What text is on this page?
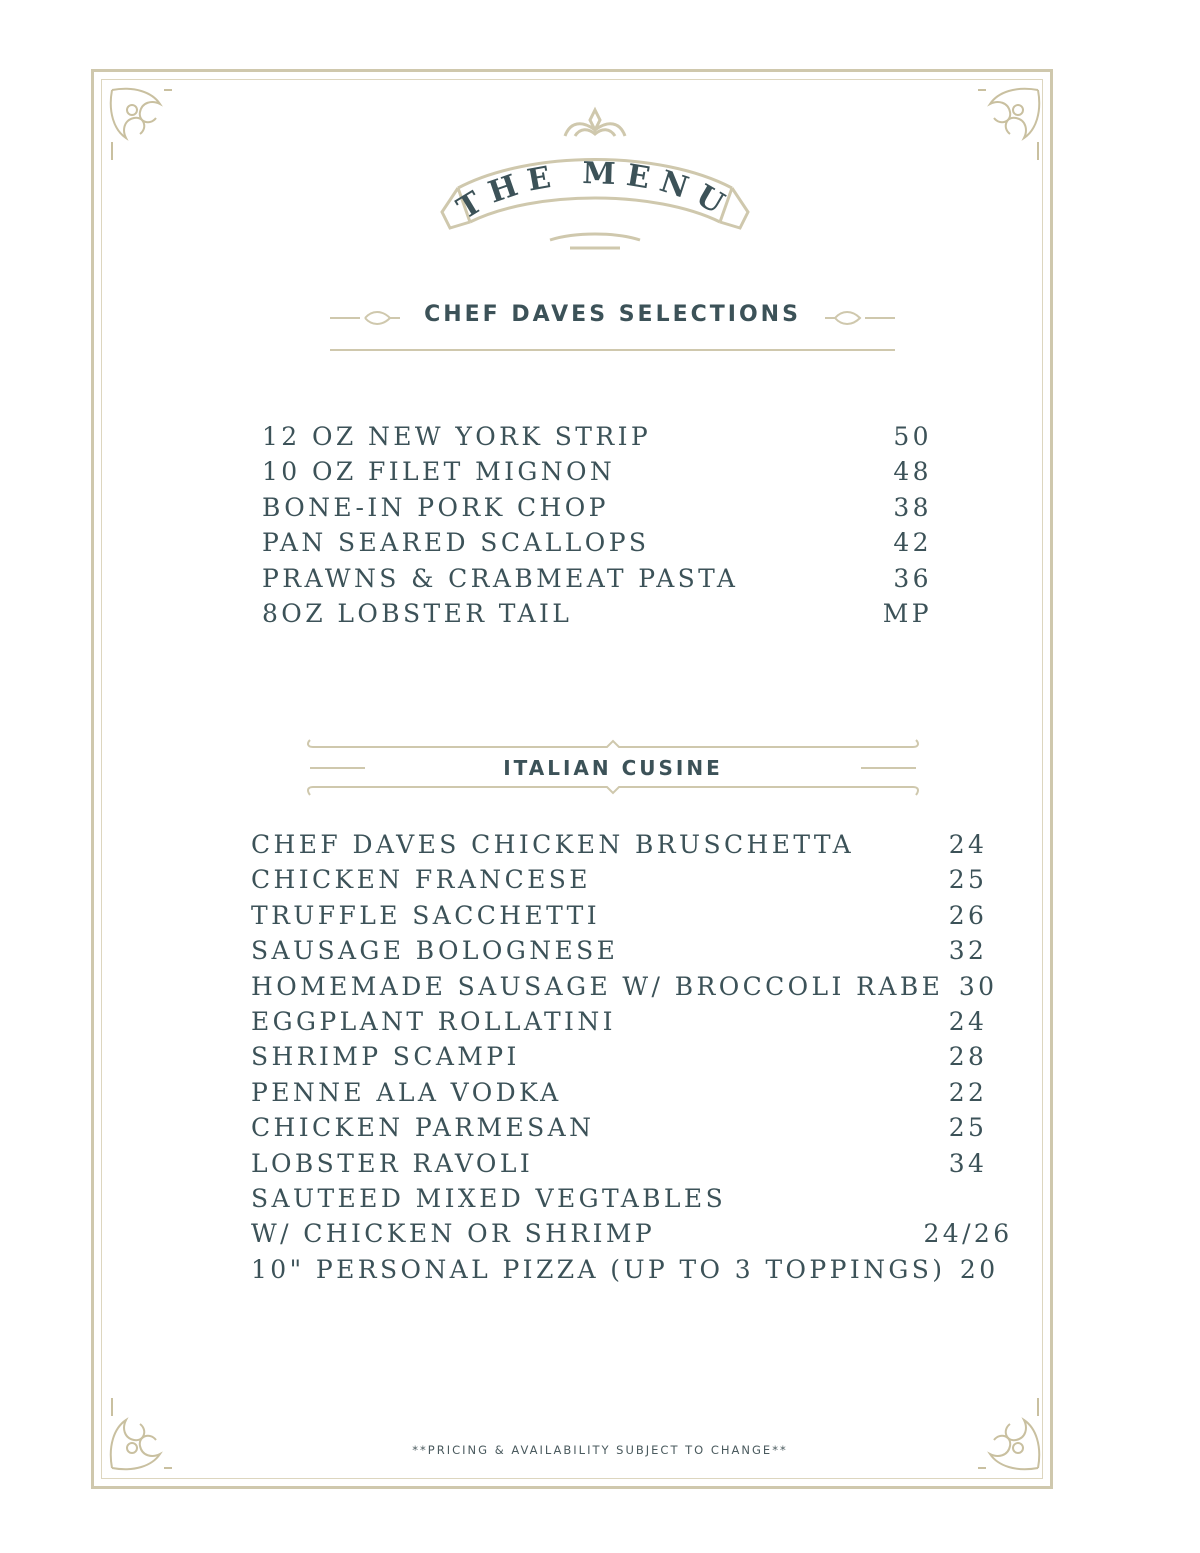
THE MENU
CHEF DAVES SELECTIONS
12 OZ NEW YORK STRIP	50
10 OZ FILET MIGNON	48
BONE-IN PORK CHOP	38
PAN SEARED SCALLOPS	42
PRAWNS & CRABMEAT PASTA	36
8OZ LOBSTER TAIL	MP
ITALIAN CUSINE
CHEF DAVES CHICKEN BRUSCHETTA	24
CHICKEN FRANCESE	25
TRUFFLE SACCHETTI	26
SAUSAGE BOLOGNESE	32
HOMEMADE SAUSAGE W/ BROCCOLI RABE 30
EGGPLANT ROLLATINI	24
SHRIMP SCAMPI	28
PENNE ALA VODKA	22
CHICKEN PARMESAN	25
LOBSTER RAVOLI	34
SAUTEED MIXED VEGTABLES
W/ CHICKEN OR SHRIMP	24/26
10" PERSONAL PIZZA (UP TO 3 TOPPINGS) 20
**PRICING & AVAILABILITY SUBJECT TO CHANGE**
